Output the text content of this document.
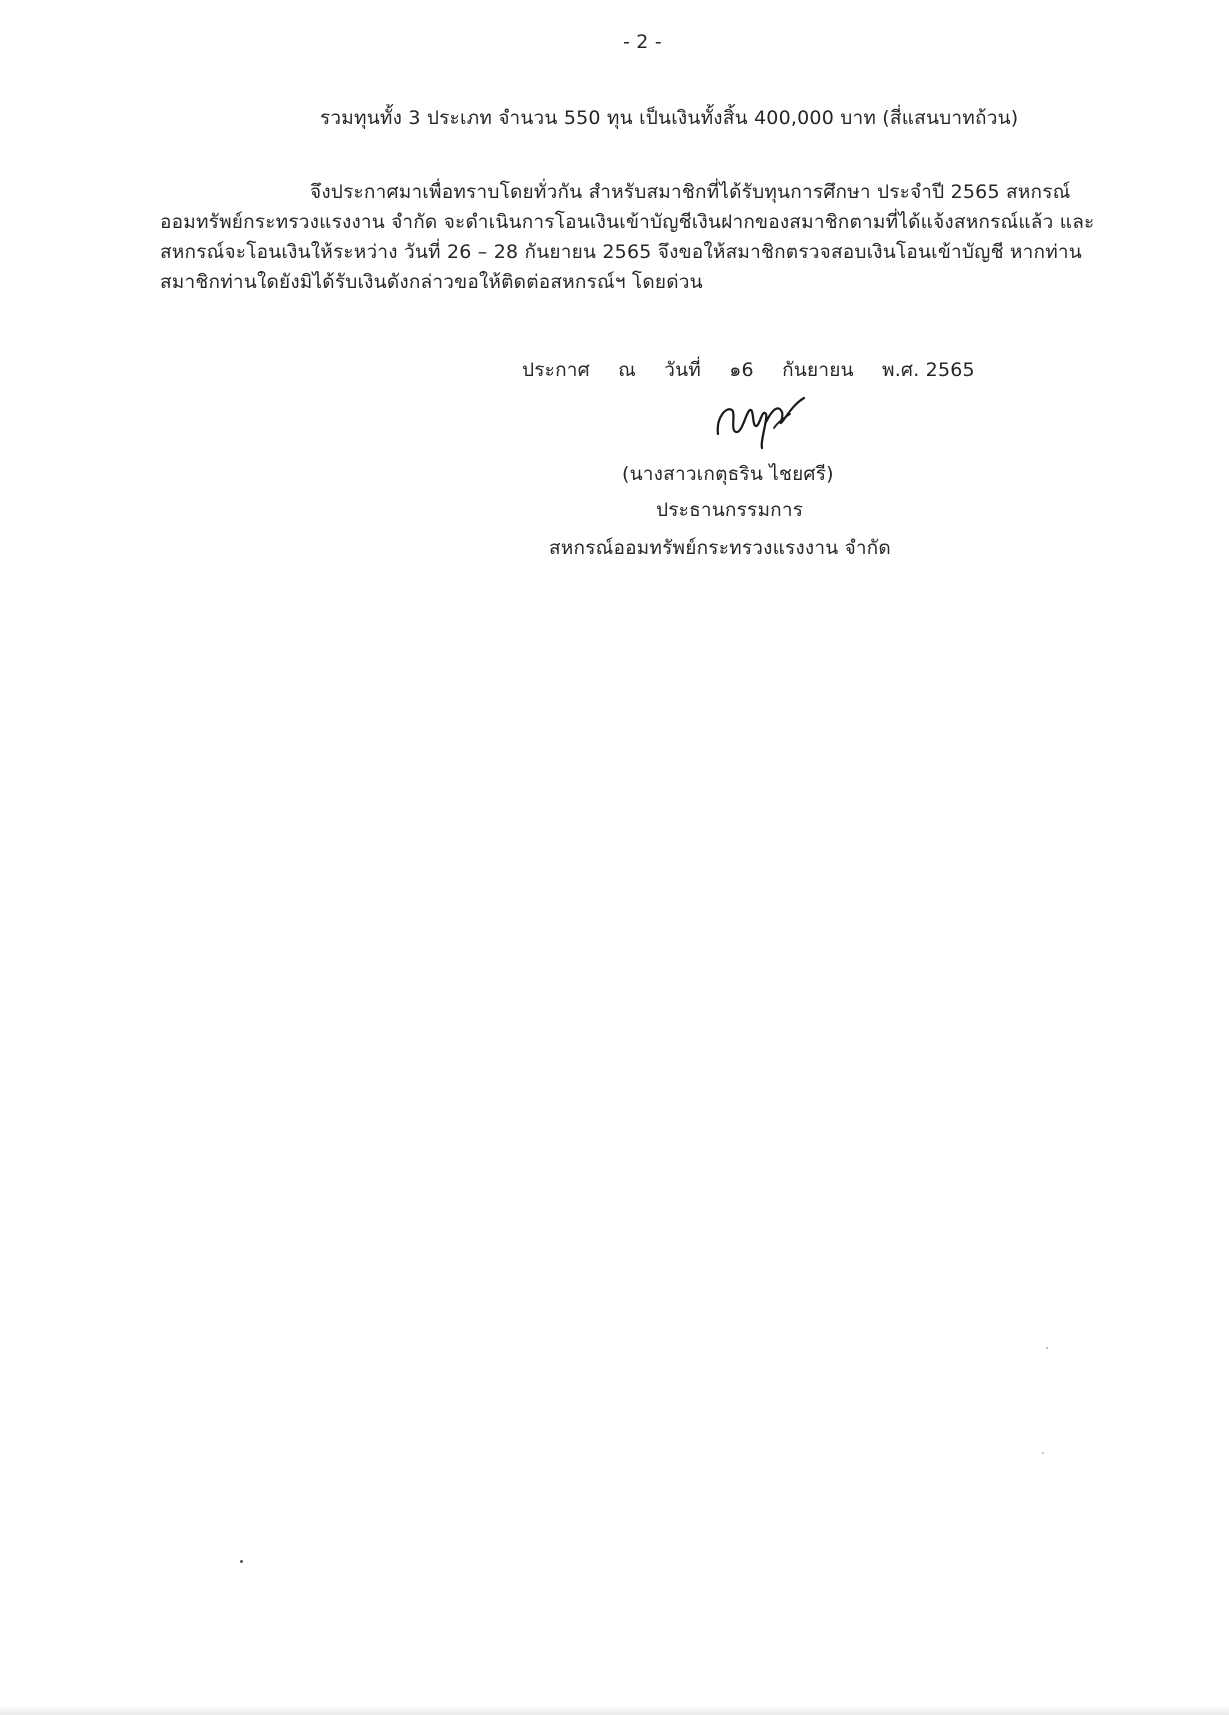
- 2 -
รวมทุนทั้ง 3 ประเภท จำนวน 550 ทุน เป็นเงินทั้งสิ้น 400,000 บาท (สี่แสนบาทถ้วน)
จึงประกาศมาเพื่อทราบโดยทั่วกัน สำหรับสมาชิกที่ได้รับทุนการศึกษา ประจำปี 2565 สหกรณ์
ออมทรัพย์กระทรวงแรงงาน จำกัด จะดำเนินการโอนเงินเข้าบัญชีเงินฝากของสมาชิกตามที่ได้แจ้งสหกรณ์แล้ว และ
สหกรณ์จะโอนเงินให้ระหว่าง วันที่ 26 – 28 กันยายน 2565 จึงขอให้สมาชิกตรวจสอบเงินโอนเข้าบัญชี หากท่าน
สมาชิกท่านใดยังมิได้รับเงินดังกล่าวขอให้ติดต่อสหกรณ์ฯ โดยด่วน
ประกาศ ณ วันที่ ๑6 กันยายน พ.ศ. 2565
(นางสาวเกตุธริน ไชยศรี)
ประธานกรรมการ
สหกรณ์ออมทรัพย์กระทรวงแรงงาน จำกัด
